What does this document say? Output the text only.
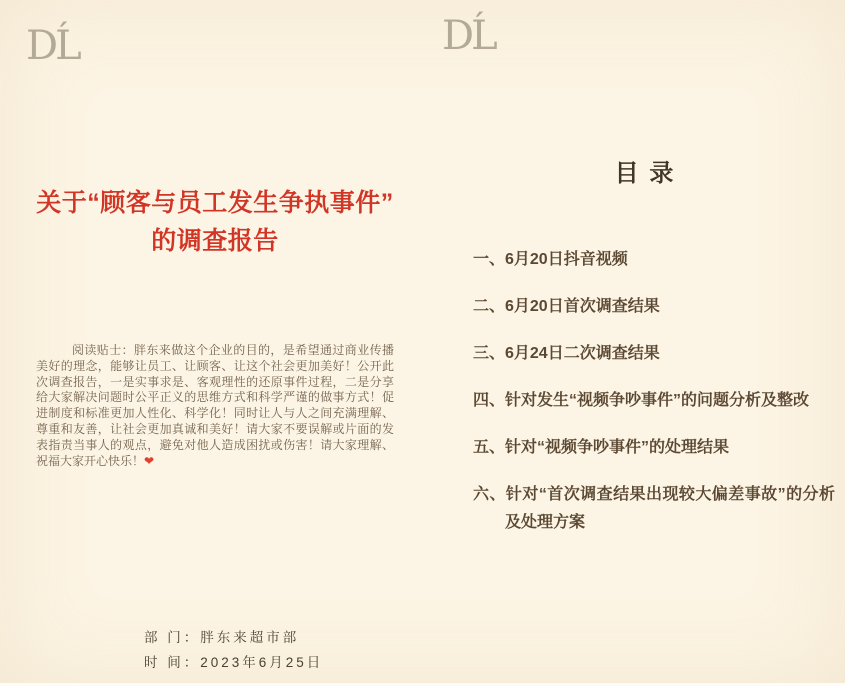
DĹ
关于“顾客与员工发生争执事件”
的调查报告

阅读贴士：胖东来做这个企业的目的，是希望通过商业传播美好的理念，能够让员工、让顾客、让这个社会更加美好！公开此次调查报告，一是实事求是、客观理性的还原事件过程，二是分享给大家解决问题时公平正义的思维方式和科学严谨的做事方式！促进制度和标准更加人性化、科学化！同时让人与人之间充满理解、尊重和友善，让社会更加真诚和美好！请大家不要误解或片面的发表指责当事人的观点，避免对他人造成困扰或伤害！请大家理解、祝福大家开心快乐！❤

部 门：胖东来超市部
时 间：2023年6月25日
DĹ
目 录
一、6月20日抖音视频
二、6月20日首次调查结果
三、6月24日二次调查结果
四、针对发生“视频争吵事件”的问题分析及整改
五、针对“视频争吵事件”的处理结果
六、针对“首次调查结果出现较大偏差事故”的分析及处理方案
